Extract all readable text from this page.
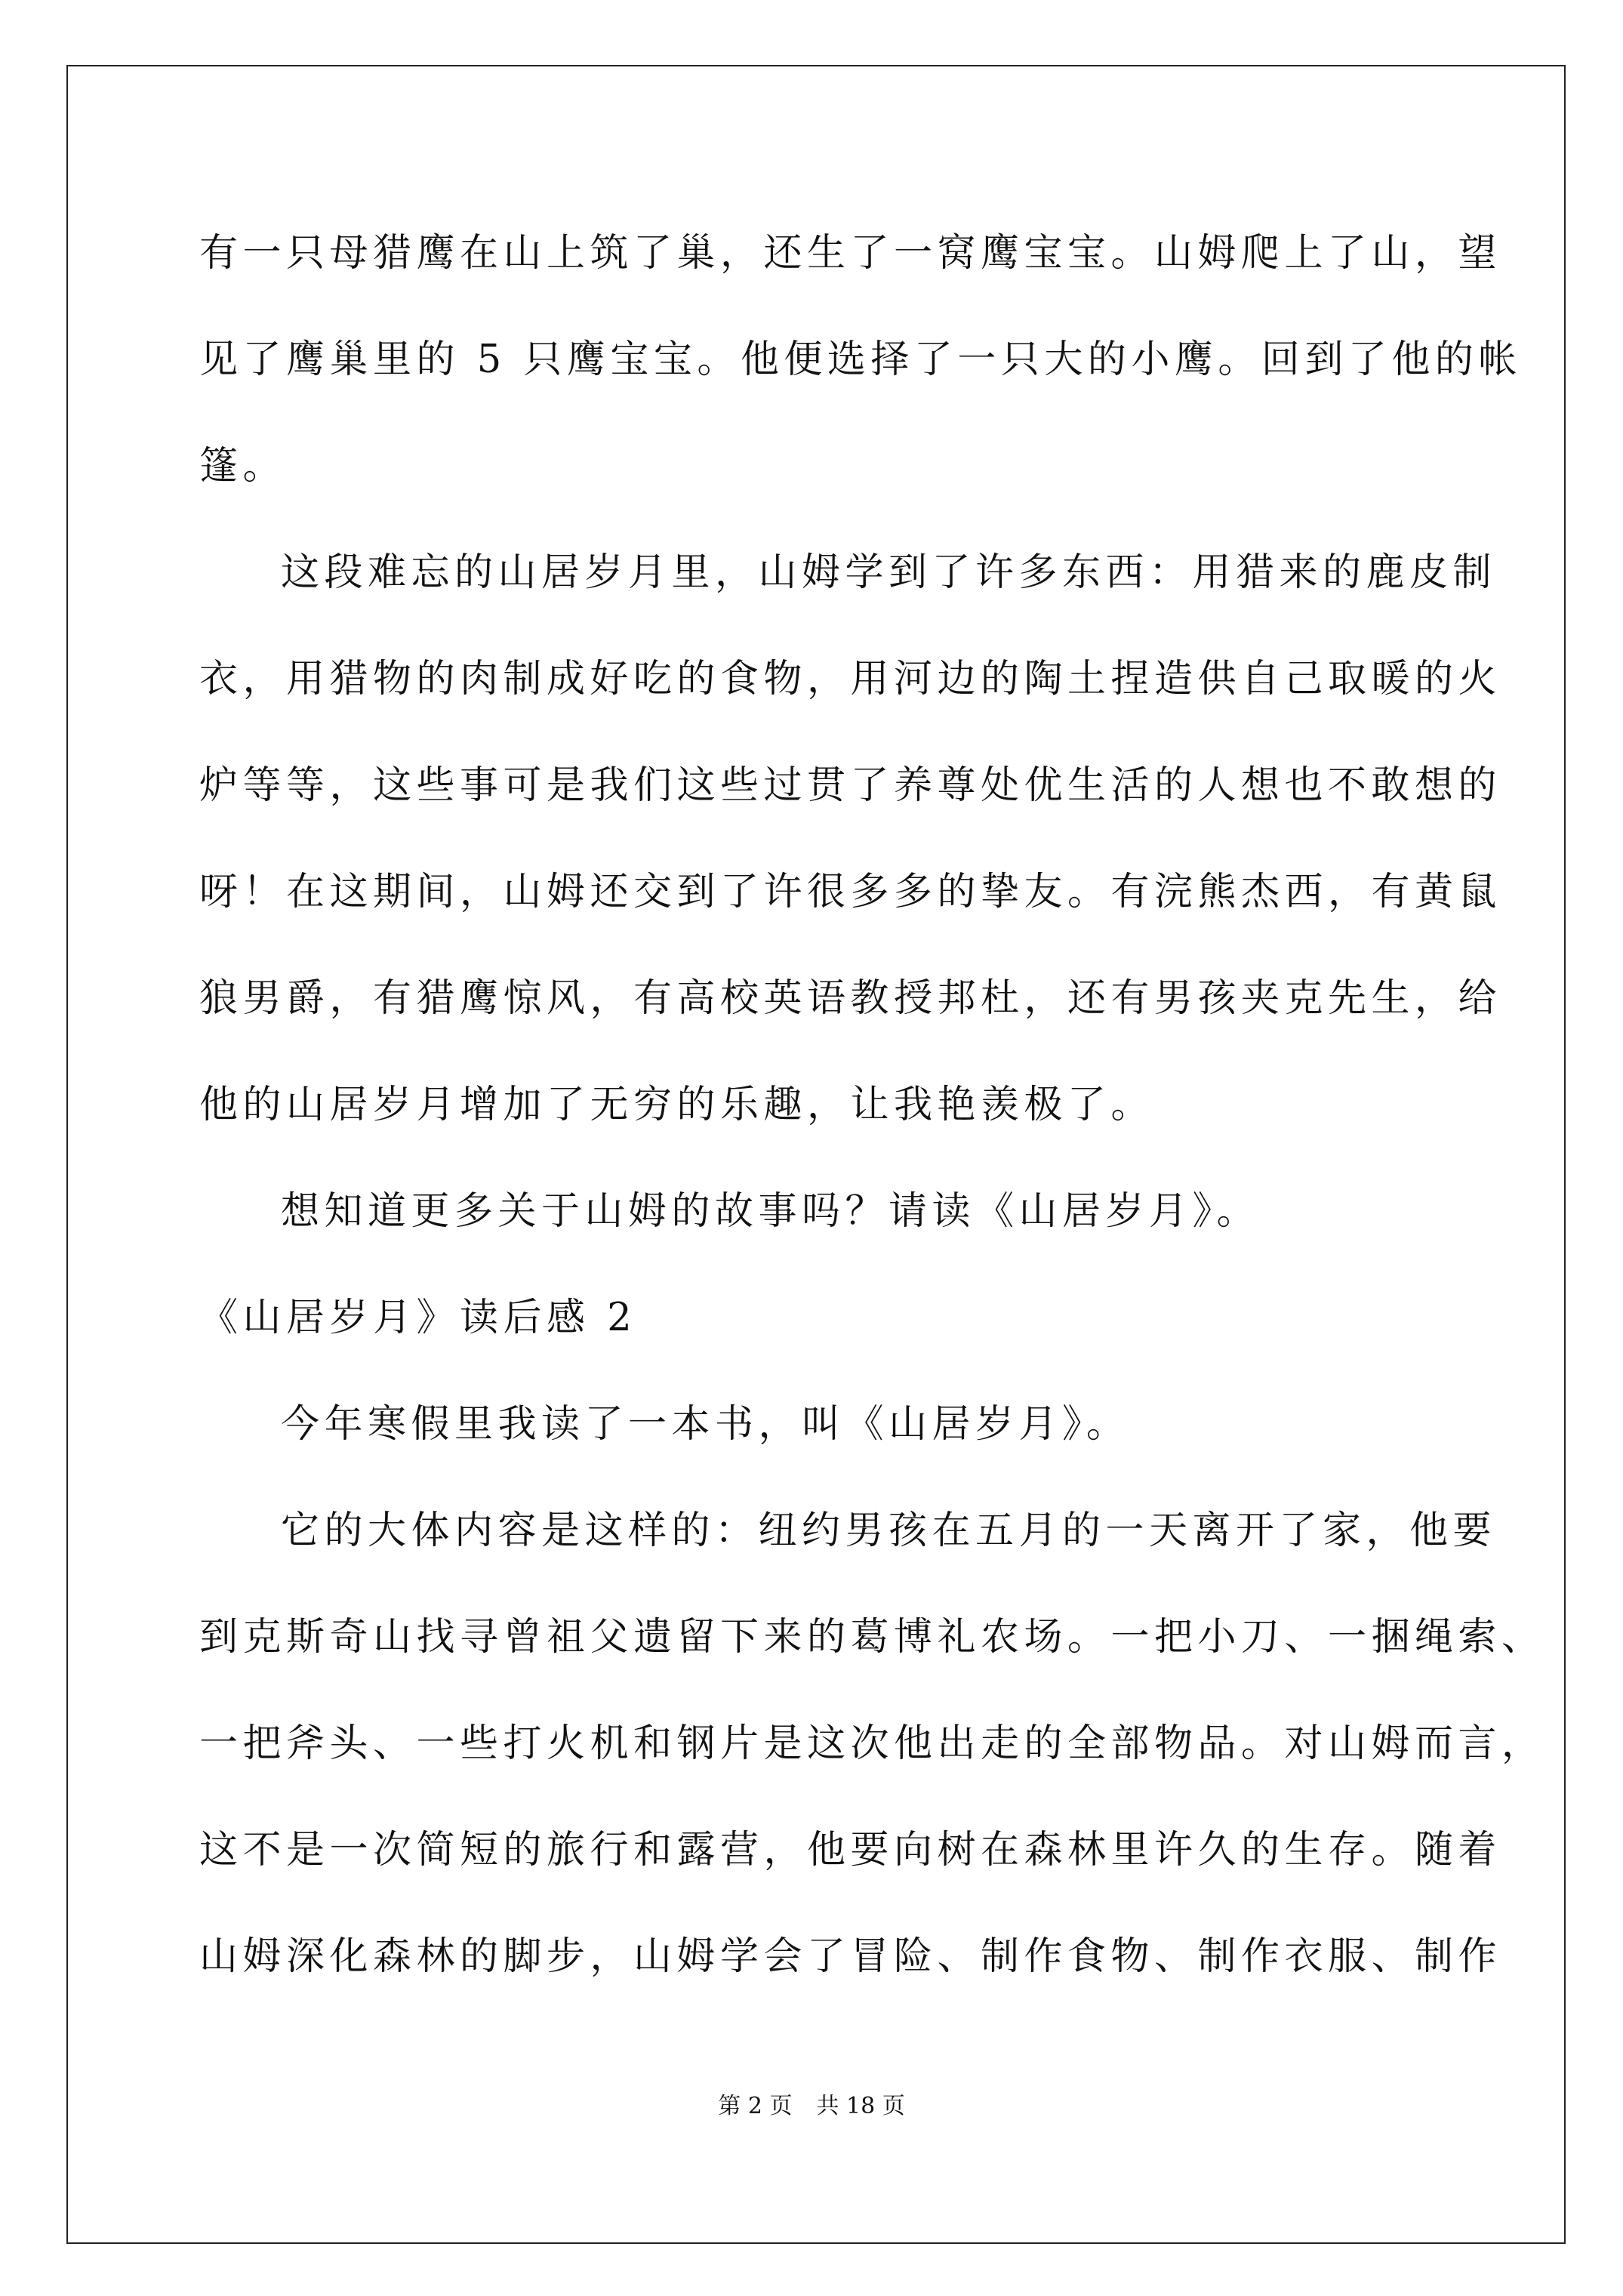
有一只母猎鹰在山上筑了巢，还生了一窝鹰宝宝。山姆爬上了山，望
见了鹰巢里的 5 只鹰宝宝。他便选择了一只大的小鹰。回到了他的帐
篷。
这段难忘的山居岁月里，山姆学到了许多东西：用猎来的鹿皮制
衣，用猎物的肉制成好吃的食物，用河边的陶土捏造供自己取暖的火
炉等等，这些事可是我们这些过贯了养尊处优生活的人想也不敢想的
呀！在这期间，山姆还交到了许很多多的挚友。有浣熊杰西，有黄鼠
狼男爵，有猎鹰惊风，有高校英语教授邦杜，还有男孩夹克先生，给
他的山居岁月增加了无穷的乐趣，让我艳羡极了。
想知道更多关于山姆的故事吗？请读《山居岁月》。
《山居岁月》读后感 2
今年寒假里我读了一本书，叫《山居岁月》。
它的大体内容是这样的：纽约男孩在五月的一天离开了家，他要
到克斯奇山找寻曾祖父遗留下来的葛博礼农场。一把小刀、一捆绳索、
一把斧头、一些打火机和钢片是这次他出走的全部物品。对山姆而言，
这不是一次简短的旅行和露营，他要向树在森林里许久的生存。随着
山姆深化森林的脚步，山姆学会了冒险、制作食物、制作衣服、制作
第 2 页 共 18 页
